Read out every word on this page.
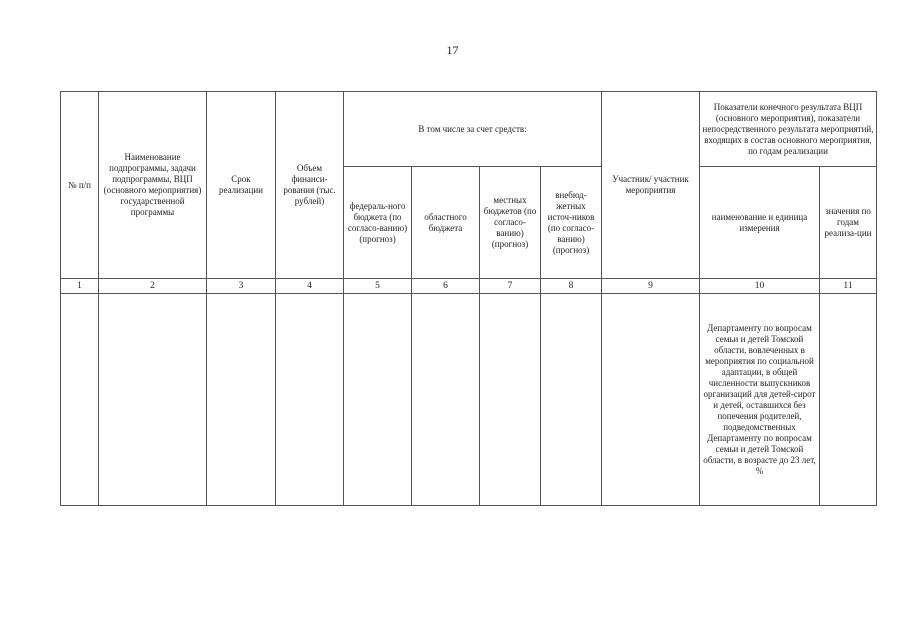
17
№ п/п	Наименование подпрограммы, задачи подпрограммы, ВЦП (основного мероприятия) государственной программы	Срок реализации	Объем финанси-рования (тыс. рублей)	В том числе за счет средств:				Участник/ участник мероприятия	Показатели конечного результата ВЦП (основного мероприятия), показатели непосредственного результата мероприятий, входящих в состав основного мероприятия, по годам реализации	
				федераль-ного бюджета (по согласо-ванию) (прогноз)	областного бюджета	местных бюджетов (по согласо-ванию) (прогноз)	внебюд-жетных источ-ников (по согласо-ванию) (прогноз)		наименование и единица измерения	значения по годам реализа-ции
1	2	3	4	5	6	7	8	9	10	11
									Департаменту по вопросам семьи и детей Томской области, вовлеченных в мероприятия по социальной адаптации, в общей численности выпускников организаций для детей-сирот и детей, оставшихся без попечения родителей, подведомственных Департаменту по вопросам семьи и детей Томской области, в возрасте до 23 лет, %	
